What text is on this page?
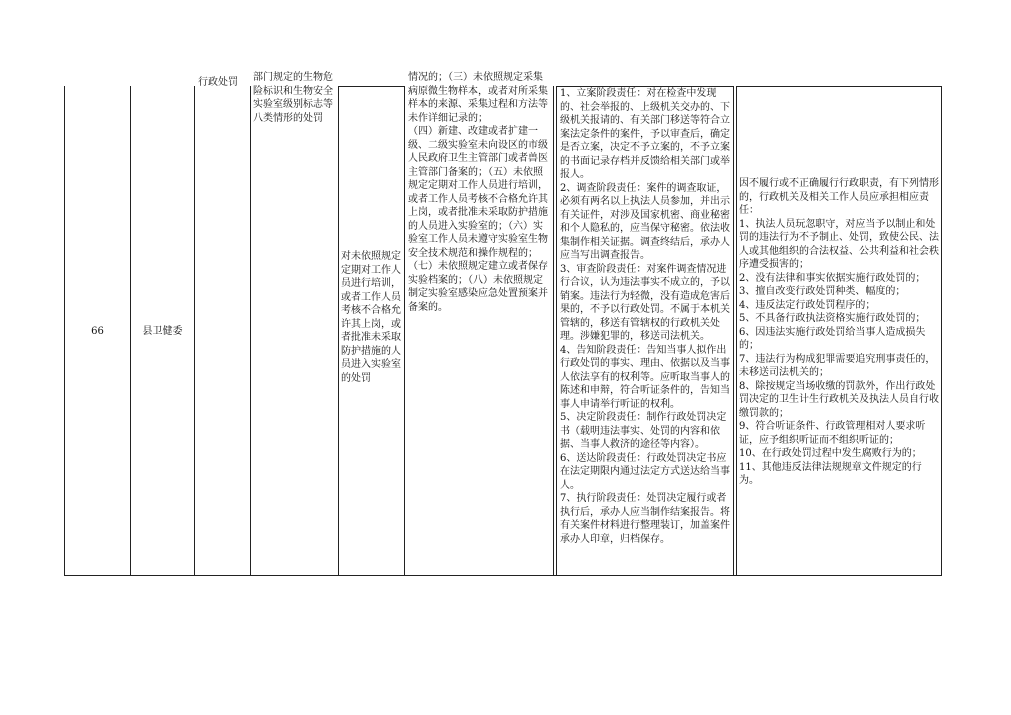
66	县卫健委
行政处罚	部门规定的生物危险标识和生物安全实验室级别标志等八类情形的处罚
对未依照规定定期对工作人员进行培训，或者工作人员考核不合格允许其上岗，或者批准未采取防护措施的人员进入实验室的处罚
情况的；（三）未依照规定采集病原微生物样本，或者对所采集样本的来源、采集过程和方法等未作详细记录的；
（四）新建、改建或者扩建一级、二级实验室未向设区的市级人民政府卫生主管部门或者兽医主管部门备案的；（五）未依照规定定期对工作人员进行培训，或者工作人员考核不合格允许其上岗，或者批准未采取防护措施的人员进入实验室的；（六）实验室工作人员未遵守实验室生物安全技术规范和操作规程的；（七）未依照规定建立或者保存实验档案的；（八）未依照规定制定实验室感染应急处置预案并备案的。
1、立案阶段责任：对在检查中发现的、社会举报的、上级机关交办的、下级机关报请的、有关部门移送等符合立案法定条件的案件，予以审查后，确定是否立案，决定不予立案的，不予立案的书面记录存档并反馈给相关部门或举报人。
2、调查阶段责任：案件的调查取证，必须有两名以上执法人员参加，并出示有关证件，对涉及国家机密、商业秘密和个人隐私的，应当保守秘密。依法收集制作相关证据。调查终结后，承办人应当写出调查报告。
3、审查阶段责任：对案件调查情况进行合议，认为违法事实不成立的，予以销案。违法行为轻微，没有造成危害后果的，不予以行政处罚。不属于本机关管辖的，移送有管辖权的行政机关处理。涉嫌犯罪的，移送司法机关。
4、告知阶段责任：告知当事人拟作出行政处罚的事实、理由、依据以及当事人依法享有的权利等。应听取当事人的陈述和申辩，符合听证条件的，告知当事人申请举行听证的权利。
5、决定阶段责任：制作行政处罚决定书（载明违法事实、处罚的内容和依据、当事人救济的途径等内容）。
6、送达阶段责任：行政处罚决定书应在法定期限内通过法定方式送达给当事人。
7、执行阶段责任：处罚决定履行或者执行后，承办人应当制作结案报告。将有关案件材料进行整理装订，加盖案件承办人印章，归档保存。
因不履行或不正确履行行政职责，有下列情形的，行政机关及相关工作人员应承担相应责任：
1、执法人员玩忽职守，对应当予以制止和处罚的违法行为不予制止、处罚，致使公民、法人或其他组织的合法权益、公共利益和社会秩序遭受损害的；
2、没有法律和事实依据实施行政处罚的；
3、擅自改变行政处罚种类、幅度的；
4、违反法定行政处罚程序的；
5、不具备行政执法资格实施行政处罚的；
6、因违法实施行政处罚给当事人造成损失的；
7、违法行为构成犯罪需要追究刑事责任的，未移送司法机关的；
8、除按规定当场收缴的罚款外，作出行政处罚决定的卫生计生行政机关及执法人员自行收缴罚款的；
9、符合听证条件、行政管理相对人要求听证，应予组织听证而不组织听证的；
10、在行政处罚过程中发生腐败行为的；
11、其他违反法律法规规章文件规定的行为。
